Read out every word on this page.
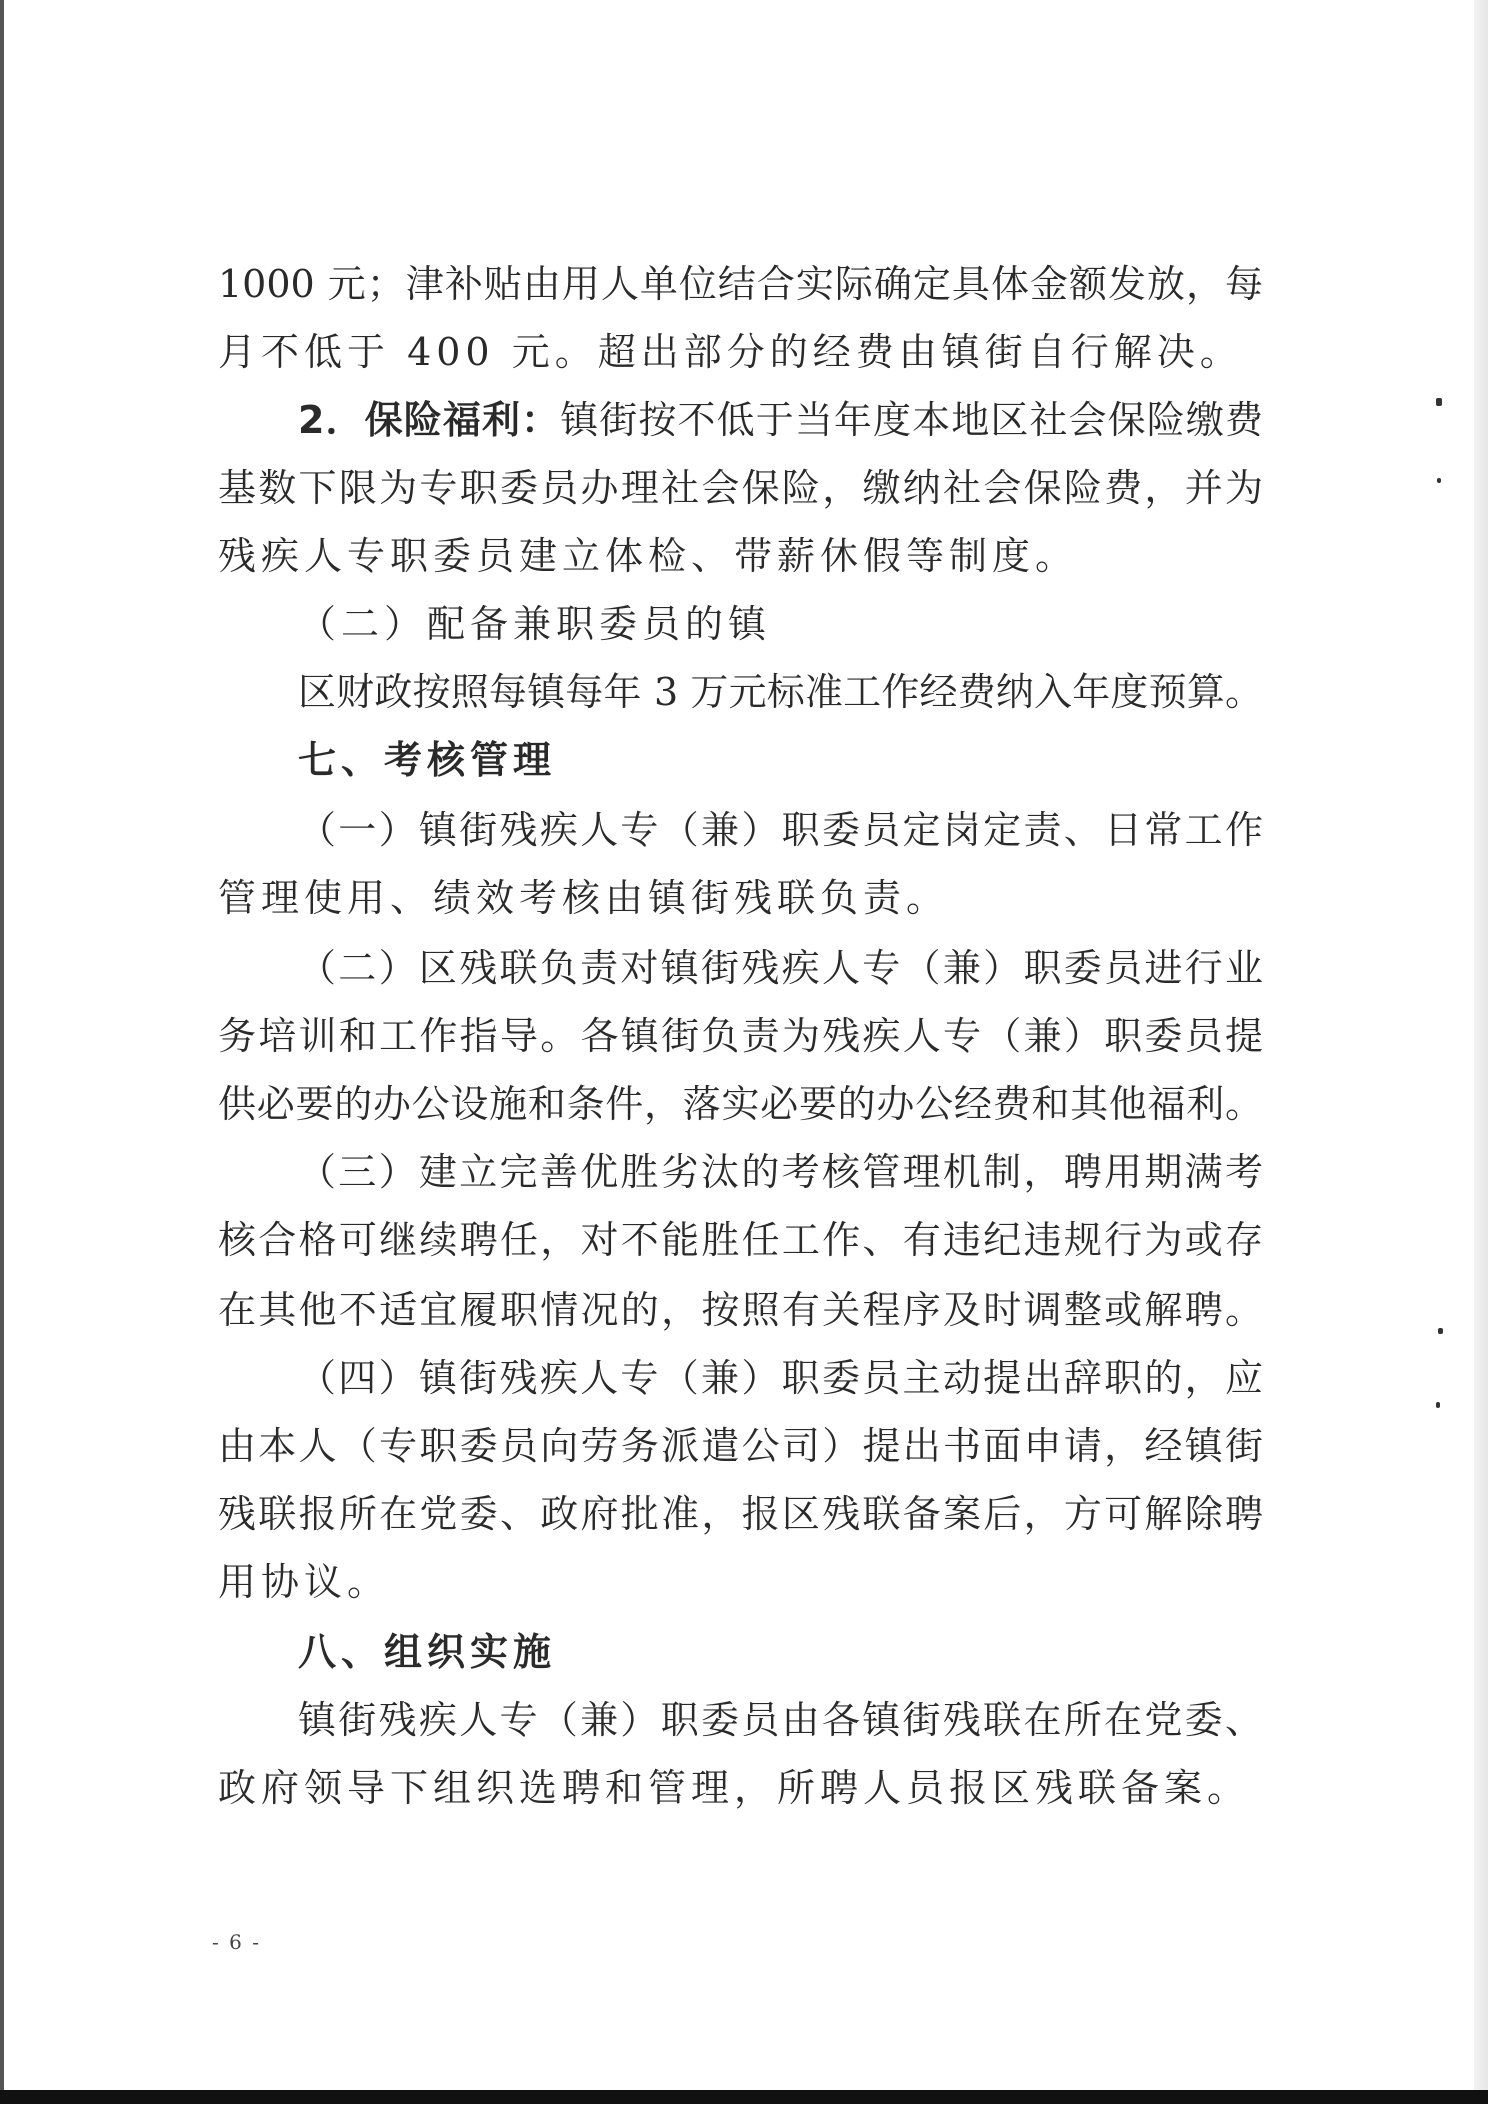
1000 元；津补贴由用人单位结合实际确定具体金额发放，每
月不低于 400 元。超出部分的经费由镇街自行解决。
2．保险福利：镇街按不低于当年度本地区社会保险缴费
基数下限为专职委员办理社会保险，缴纳社会保险费，并为
残疾人专职委员建立体检、带薪休假等制度。
（二）配备兼职委员的镇
区财政按照每镇每年 3 万元标准工作经费纳入年度预算。
七、考核管理
（一）镇街残疾人专（兼）职委员定岗定责、日常工作
管理使用、绩效考核由镇街残联负责。
（二）区残联负责对镇街残疾人专（兼）职委员进行业
务培训和工作指导。各镇街负责为残疾人专（兼）职委员提
供必要的办公设施和条件，落实必要的办公经费和其他福利。
（三）建立完善优胜劣汰的考核管理机制，聘用期满考
核合格可继续聘任，对不能胜任工作、有违纪违规行为或存
在其他不适宜履职情况的，按照有关程序及时调整或解聘。
（四）镇街残疾人专（兼）职委员主动提出辞职的，应
由本人（专职委员向劳务派遣公司）提出书面申请，经镇街
残联报所在党委、政府批准，报区残联备案后，方可解除聘
用协议。
八、组织实施
镇街残疾人专（兼）职委员由各镇街残联在所在党委、
政府领导下组织选聘和管理，所聘人员报区残联备案。
- 6 -
